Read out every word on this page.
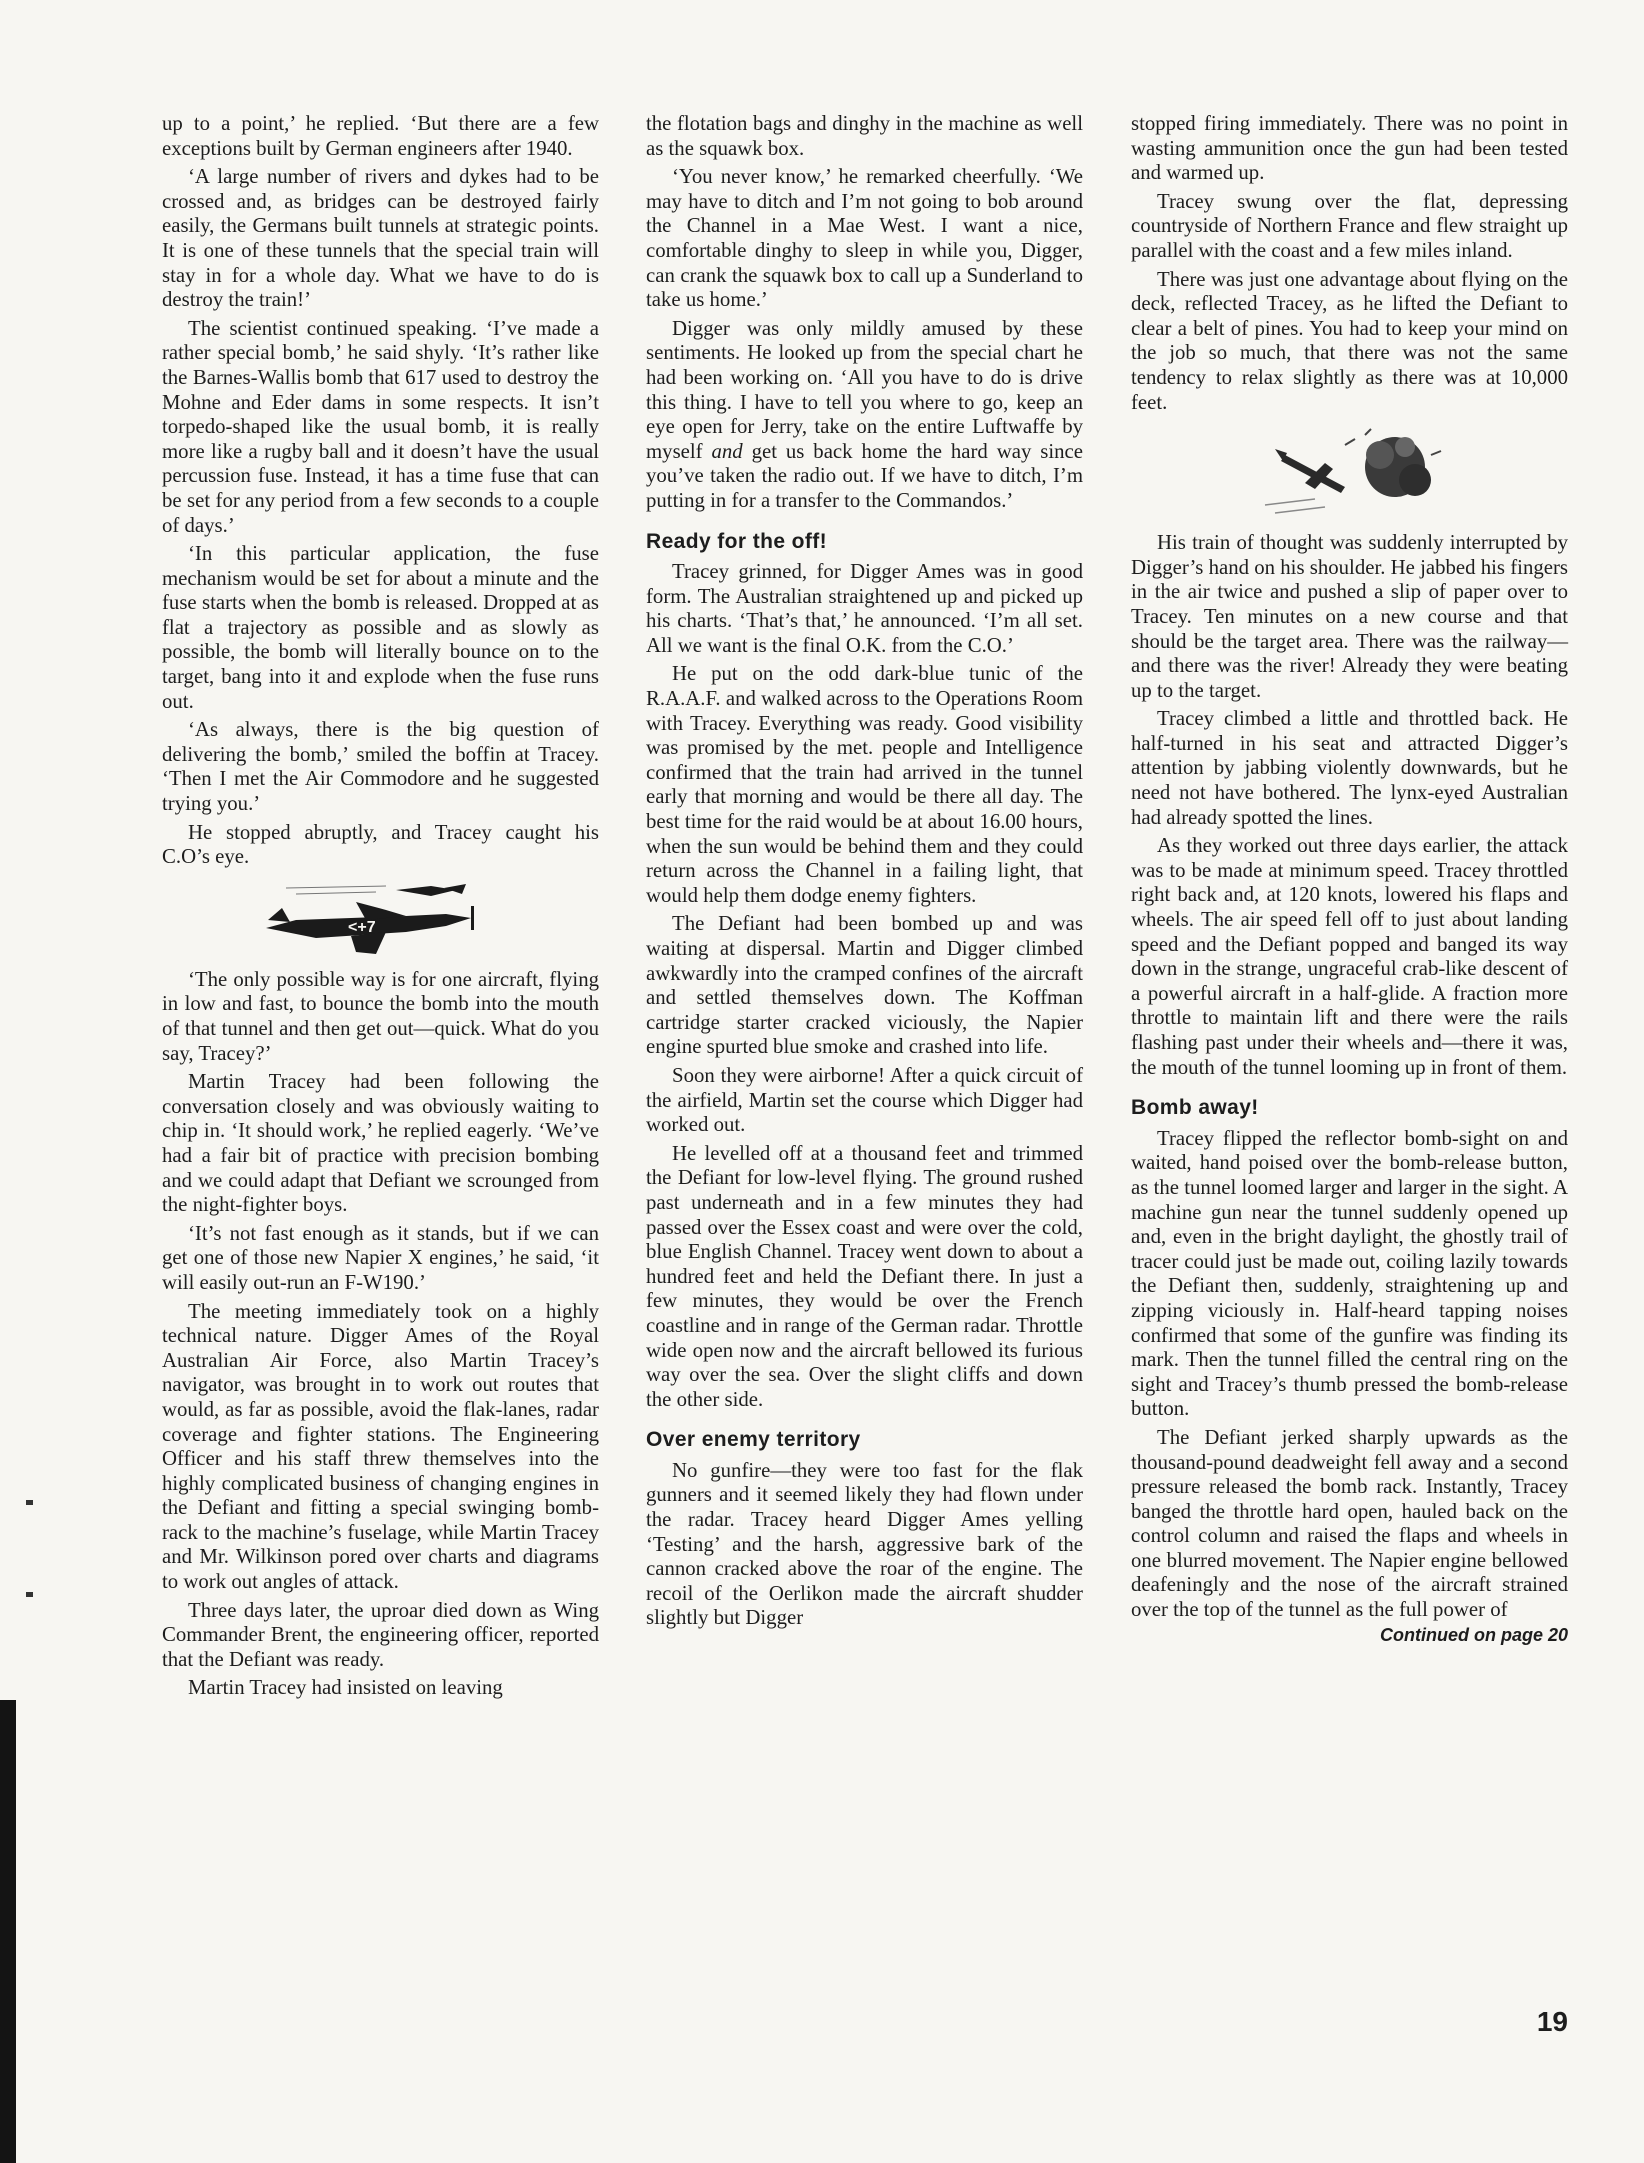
up to a point,’ he replied. ‘But there are a few exceptions built by German engineers after 1940.

‘A large number of rivers and dykes had to be crossed and, as bridges can be destroyed fairly easily, the Germans built tunnels at strategic points. It is one of these tunnels that the special train will stay in for a whole day. What we have to do is destroy the train!’

The scientist continued speaking. ‘I’ve made a rather special bomb,’ he said shyly. ‘It’s rather like the Barnes-Wallis bomb that 617 used to destroy the Mohne and Eder dams in some respects. It isn’t torpedo-shaped like the usual bomb, it is really more like a rugby ball and it doesn’t have the usual percussion fuse. Instead, it has a time fuse that can be set for any period from a few seconds to a couple of days.’

‘In this particular application, the fuse mechanism would be set for about a minute and the fuse starts when the bomb is released. Dropped at as flat a trajectory as possible and as slowly as possible, the bomb will literally bounce on to the target, bang into it and explode when the fuse runs out.

‘As always, there is the big question of delivering the bomb,’ smiled the boffin at Tracey. ‘Then I met the Air Commodore and he suggested trying you.’

He stopped abruptly, and Tracey caught his C.O’s eye.

<+7

‘The only possible way is for one aircraft, flying in low and fast, to bounce the bomb into the mouth of that tunnel and then get out—quick. What do you say, Tracey?’

Martin Tracey had been following the conversation closely and was obviously waiting to chip in. ‘It should work,’ he replied eagerly. ‘We’ve had a fair bit of practice with precision bombing and we could adapt that Defiant we scrounged from the night-fighter boys.

‘It’s not fast enough as it stands, but if we can get one of those new Napier X engines,’ he said, ‘it will easily out-run an F-W190.’

The meeting immediately took on a highly technical nature. Digger Ames of the Royal Australian Air Force, also Martin Tracey’s navigator, was brought in to work out routes that would, as far as possible, avoid the flak-lanes, radar coverage and fighter stations. The Engineering Officer and his staff threw themselves into the highly complicated business of changing engines in the Defiant and fitting a special swinging bomb-rack to the machine’s fuselage, while Martin Tracey and Mr. Wilkinson pored over charts and diagrams to work out angles of attack.

Three days later, the uproar died down as Wing Commander Brent, the engineering officer, reported that the Defiant was ready.

Martin Tracey had insisted on leaving

the flotation bags and dinghy in the machine as well as the squawk box.

‘You never know,’ he remarked cheerfully. ‘We may have to ditch and I’m not going to bob around the Channel in a Mae West. I want a nice, comfortable dinghy to sleep in while you, Digger, can crank the squawk box to call up a Sunderland to take us home.’

Digger was only mildly amused by these sentiments. He looked up from the special chart he had been working on. ‘All you have to do is drive this thing. I have to tell you where to go, keep an eye open for Jerry, take on the entire Luftwaffe by myself and get us back home the hard way since you’ve taken the radio out. If we have to ditch, I’m putting in for a transfer to the Commandos.’

Ready for the off!

Tracey grinned, for Digger Ames was in good form. The Australian straightened up and picked up his charts. ‘That’s that,’ he announced. ‘I’m all set. All we want is the final O.K. from the C.O.’

He put on the odd dark-blue tunic of the R.A.A.F. and walked across to the Operations Room with Tracey. Everything was ready. Good visibility was promised by the met. people and Intelligence confirmed that the train had arrived in the tunnel early that morning and would be there all day. The best time for the raid would be at about 16.00 hours, when the sun would be behind them and they could return across the Channel in a failing light, that would help them dodge enemy fighters.

The Defiant had been bombed up and was waiting at dispersal. Martin and Digger climbed awkwardly into the cramped confines of the aircraft and settled themselves down. The Koffman cartridge starter cracked viciously, the Napier engine spurted blue smoke and crashed into life.

Soon they were airborne! After a quick circuit of the airfield, Martin set the course which Digger had worked out.

He levelled off at a thousand feet and trimmed the Defiant for low-level flying. The ground rushed past underneath and in a few minutes they had passed over the Essex coast and were over the cold, blue English Channel. Tracey went down to about a hundred feet and held the Defiant there. In just a few minutes, they would be over the French coastline and in range of the German radar. Throttle wide open now and the aircraft bellowed its furious way over the sea. Over the slight cliffs and down the other side.

Over enemy territory

No gunfire—they were too fast for the flak gunners and it seemed likely they had flown under the radar. Tracey heard Digger Ames yelling ‘Testing’ and the harsh, aggressive bark of the cannon cracked above the roar of the engine. The recoil of the Oerlikon made the aircraft shudder slightly but Digger

stopped firing immediately. There was no point in wasting ammunition once the gun had been tested and warmed up.

Tracey swung over the flat, depressing countryside of Northern France and flew straight up parallel with the coast and a few miles inland.

There was just one advantage about flying on the deck, reflected Tracey, as he lifted the Defiant to clear a belt of pines. You had to keep your mind on the job so much, that there was not the same tendency to relax slightly as there was at 10,000 feet.

His train of thought was suddenly interrupted by Digger’s hand on his shoulder. He jabbed his fingers in the air twice and pushed a slip of paper over to Tracey. Ten minutes on a new course and that should be the target area. There was the railway—and there was the river! Already they were beating up to the target.

Tracey climbed a little and throttled back. He half-turned in his seat and attracted Digger’s attention by jabbing violently downwards, but he need not have bothered. The lynx-eyed Australian had already spotted the lines.

As they worked out three days earlier, the attack was to be made at minimum speed. Tracey throttled right back and, at 120 knots, lowered his flaps and wheels. The air speed fell off to just about landing speed and the Defiant popped and banged its way down in the strange, ungraceful crab-like descent of a powerful aircraft in a half-glide. A fraction more throttle to maintain lift and there were the rails flashing past under their wheels and—there it was, the mouth of the tunnel looming up in front of them.

Bomb away!

Tracey flipped the reflector bomb-sight on and waited, hand poised over the bomb-release button, as the tunnel loomed larger and larger in the sight. A machine gun near the tunnel suddenly opened up and, even in the bright daylight, the ghostly trail of tracer could just be made out, coiling lazily towards the Defiant then, suddenly, straightening up and zipping viciously in. Half-heard tapping noises confirmed that some of the gunfire was finding its mark. Then the tunnel filled the central ring on the sight and Tracey’s thumb pressed the bomb-release button.

The Defiant jerked sharply upwards as the thousand-pound deadweight fell away and a second pressure released the bomb rack. Instantly, Tracey banged the throttle hard open, hauled back on the control column and raised the flaps and wheels in one blurred movement. The Napier engine bellowed deafeningly and the nose of the aircraft strained over the top of the tunnel as the full power of

Continued on page 20
19
